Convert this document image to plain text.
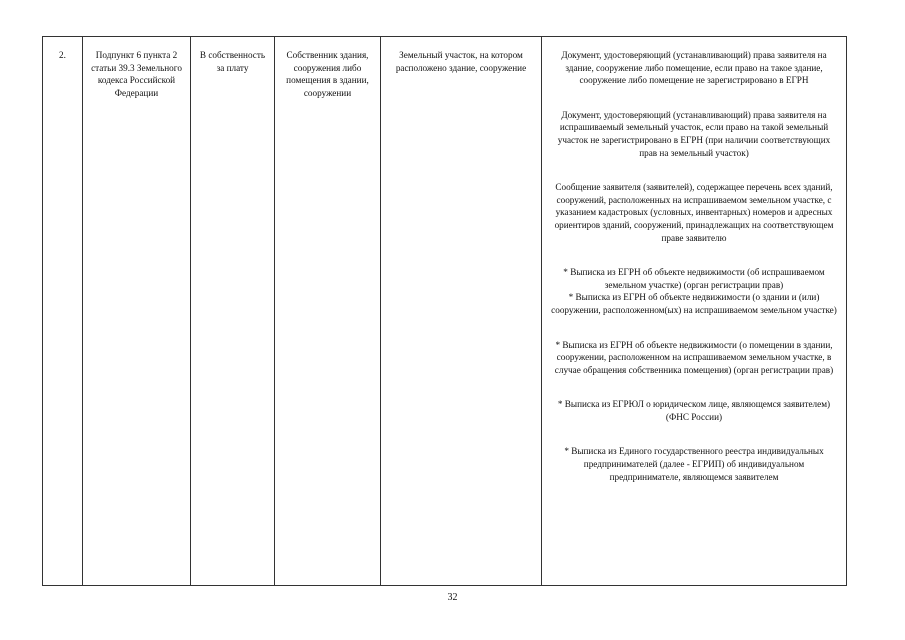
2.	Подпункт 6 пункта 2 статьи 39.3 Земельного кодекса Российской Федерации	В собственность за плату	Собственник здания, сооружения либо помещения в здании, сооружении	Земельный участок, на котором расположено здание, сооружение	
Документ, удостоверяющий (устанавливающий) права заявителя на здание, сооружение либо помещение, если право на такое здание, сооружение либо помещение не зарегистрировано в ЕГРН
Документ, удостоверяющий (устанавливающий) права заявителя на испрашиваемый земельный участок, если право на такой земельный участок не зарегистрировано в ЕГРН (при наличии соответствующих прав на земельный участок)
Сообщение заявителя (заявителей), содержащее перечень всех зданий, сооружений, расположенных на испрашиваемом земельном участке, с указанием кадастровых (условных, инвентарных) номеров и адресных ориентиров зданий, сооружений, принадлежащих на соответствующем праве заявителю
* Выписка из ЕГРН об объекте недвижимости (об испрашиваемом земельном участке) (орган регистрации прав)
* Выписка из ЕГРН об объекте недвижимости (о здании и (или) сооружении, расположенном(ых) на испрашиваемом земельном участке)
* Выписка из ЕГРН об объекте недвижимости (о помещении в здании, сооружении, расположенном на испрашиваемом земельном участке, в случае обращения собственника помещения) (орган регистрации прав)
* Выписка из ЕГРЮЛ о юридическом лице, являющемся заявителем) (ФНС России)
* Выписка из Единого государственного реестра индивидуальных предпринимателей (далее - ЕГРИП) об индивидуальном предпринимателе, являющемся заявителем
32
